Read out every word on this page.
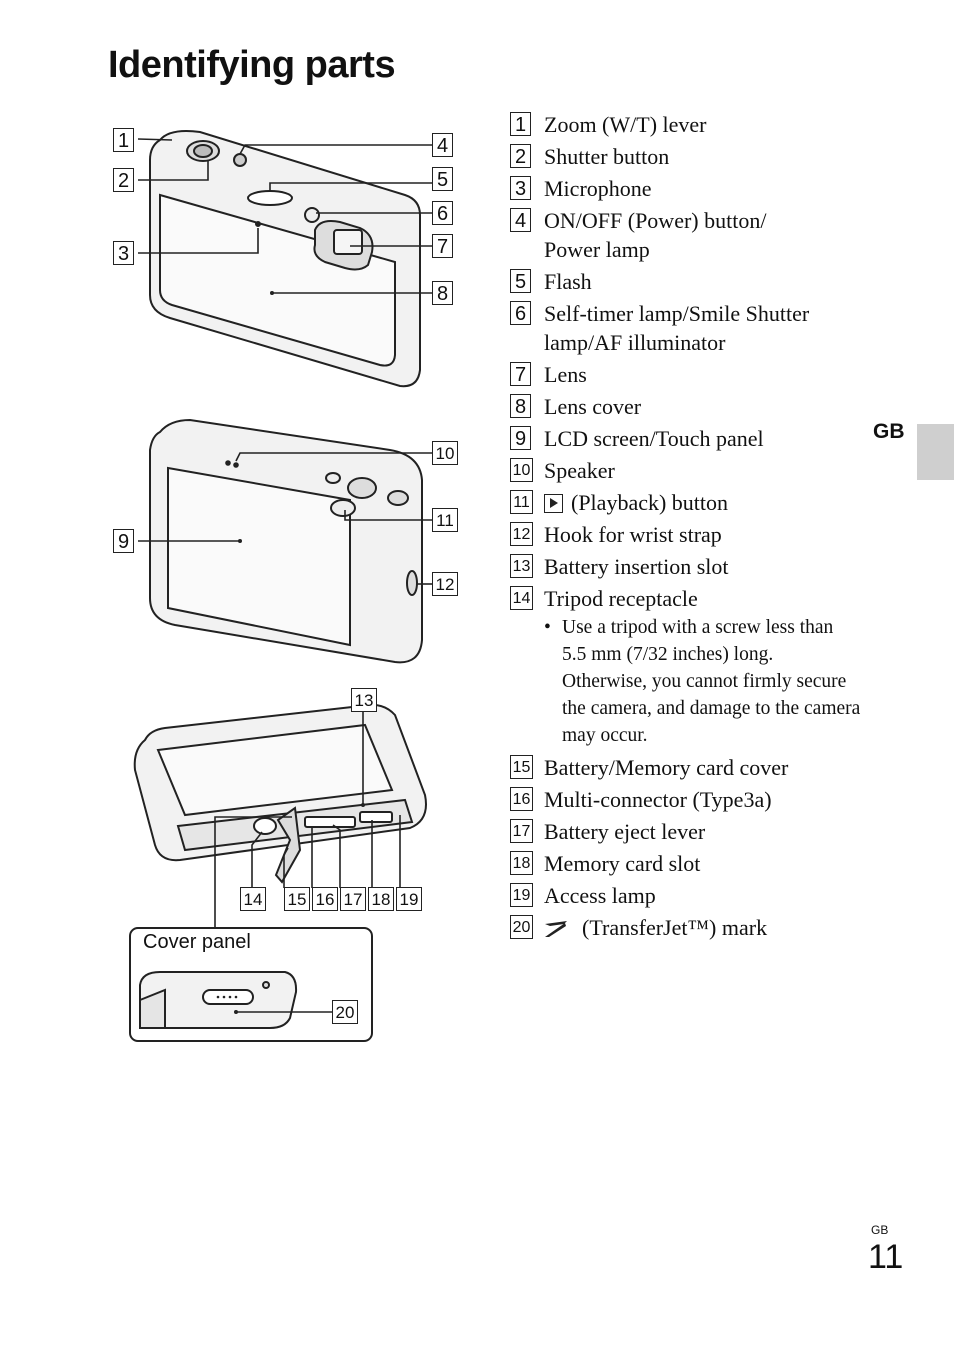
Identifying parts
Cover panel
1
2
3
4
5
6
7
8
9
10
11
12
13
14 15 16 17 18 19
20
1 Zoom (W/T) lever
2 Shutter button
3 Microphone
4 ON/OFF (Power) button/ Power lamp
5 Flash
6 Self-timer lamp/Smile Shutter lamp/AF illuminator
7 Lens
8 Lens cover
9 LCD screen/Touch panel
10 Speaker
11 (Playback) button
12 Hook for wrist strap
13 Battery insertion slot
14 Tripod receptacle
• Use a tripod with a screw less than 5.5 mm (7/32 inches) long. Otherwise, you cannot firmly secure the camera, and damage to the camera may occur.
15 Battery/Memory card cover
16 Multi-connector (Type3a)
17 Battery eject lever
18 Memory card slot
19 Access lamp
20 (TransferJet™) mark
GB
GB
11
